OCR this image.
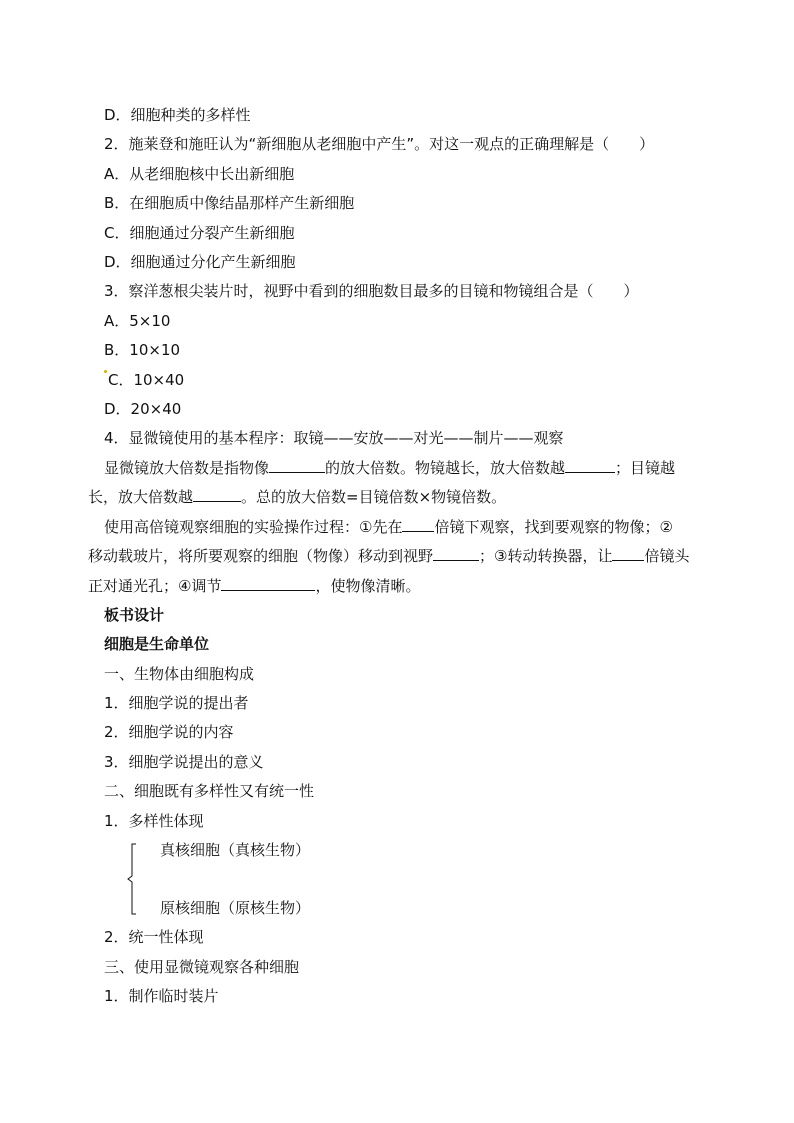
D．细胞种类的多样性
2．施莱登和施旺认为“新细胞从老细胞中产生”。对这一观点的正确理解是（　　）
A．从老细胞核中长出新细胞
B．在细胞质中像结晶那样产生新细胞
C．细胞通过分裂产生新细胞
D．细胞通过分化产生新细胞
3．察洋葱根尖装片时，视野中看到的细胞数目最多的目镜和物镜组合是（　　）
A．5×10
B．10×10
C．10×40
D．20×40
4．显微镜使用的基本程序：取镜——安放——对光——制片——观察
显微镜放大倍数是指物像	的放大倍数。物镜越长，放大倍数越	；目镜越
长，放大倍数越	。总的放大倍数=目镜倍数×物镜倍数。
使用高倍镜观察细胞的实验操作过程：①先在 倍镜下观察，找到要观察的物像；②
移动载玻片，将所要观察的细胞（物像）移动到视野	；③转动转换器，让 倍镜头
正对通光孔；④调节	，使物像清晰。
板书设计
细胞是生命单位
一、生物体由细胞构成
1．细胞学说的提出者
2．细胞学说的内容
3．细胞学说提出的意义
二、细胞既有多样性又有统一性
1．多样性体现
真核细胞（真核生物）
原核细胞（原核生物）
2．统一性体现
三、使用显微镜观察各种细胞
1．制作临时装片
